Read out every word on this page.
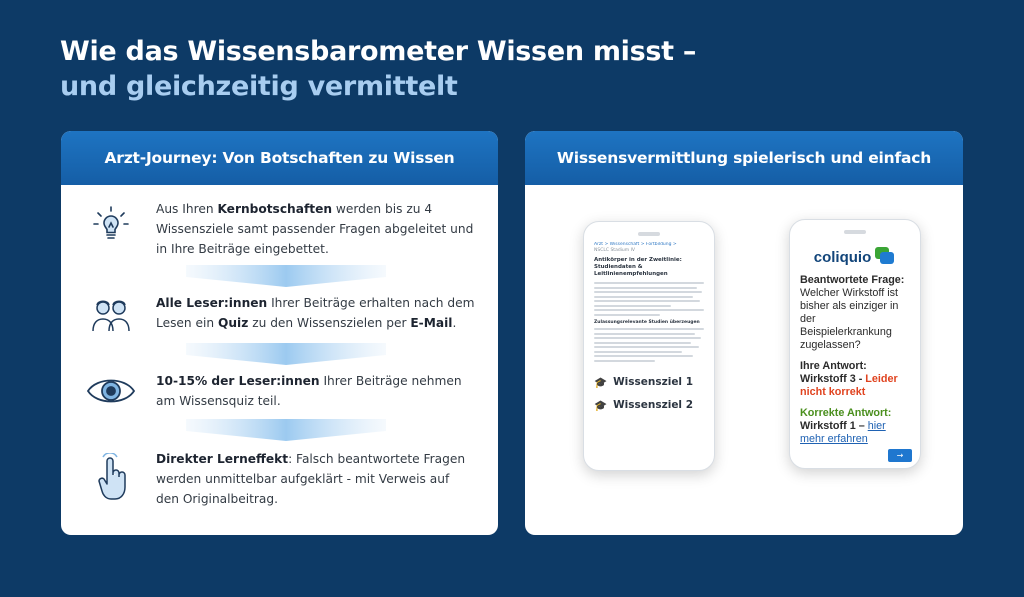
Wie das Wissensbarometer Wissen misst –
und gleichzeitig vermittelt
Arzt-Journey: Von Botschaften zu Wissen
Aus Ihren Kernbotschaften werden bis zu 4 Wissensziele samt passender Fragen abgeleitet und in Ihre Beiträge eingebettet.
Alle Leser:innen Ihrer Beiträge erhalten nach dem Lesen ein Quiz zu den Wissenszielen per E-Mail.
10-15% der Leser:innen Ihrer Beiträge nehmen am Wissensquiz teil.
Direkter Lerneffekt: Falsch beantwortete Fragen werden unmittelbar aufgeklärt - mit Verweis auf den Originalbeitrag.
Wissensvermittlung spielerisch und einfach
Arzt > Wissenschaft > Fortbildung >
NSCLC Stadium IV
Antikörper in der Zweitlinie: Studiendaten & Leitlinienempfehlungen
Zulassungsrelevante Studien überzeugen
🎓 Wissensziel 1
🎓 Wissensziel 2
coliquio
Beantwortete Frage:
Welcher Wirkstoff ist bisher als einziger in der Beispielerkrankung zugelassen?
Ihre Antwort:
Wirkstoff 3 - Leider nicht korrekt
Korrekte Antwort:
Wirkstoff 1 – hier mehr erfahren
→
